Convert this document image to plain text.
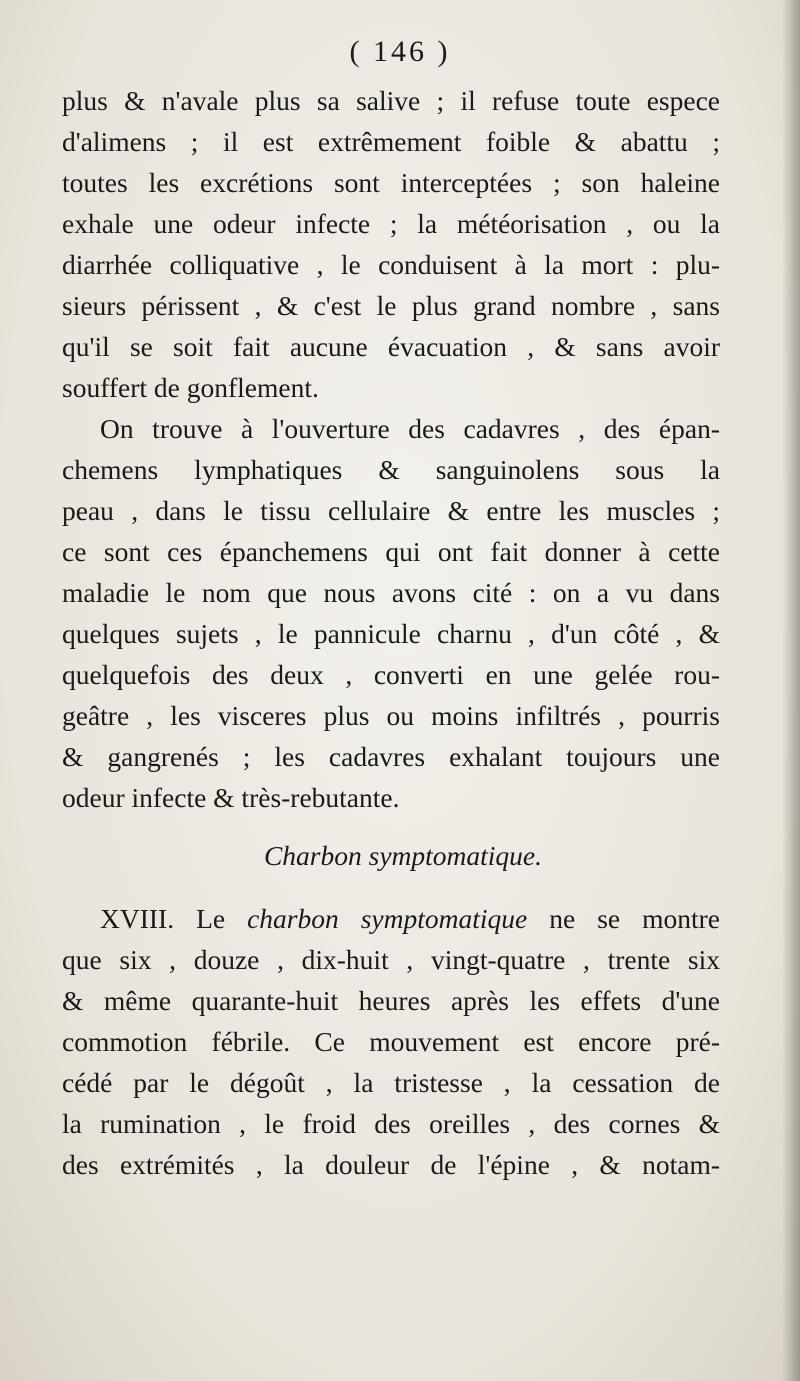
( 146 )

plus & n'avale plus sa salive ; il refuse toute espece
d'alimens ; il est extrêmement foible & abattu ;
toutes les excrétions sont interceptées ; son haleine
exhale une odeur infecte ; la météorisation , ou la
diarrhée colliquative , le conduisent à la mort : plu-
sieurs périssent , & c'est le plus grand nombre , sans
qu'il se soit fait aucune évacuation , & sans avoir
souffert de gonflement.

On trouve à l'ouverture des cadavres , des épan-
chemens lymphatiques & sanguinolens sous la
peau , dans le tissu cellulaire & entre les muscles ;
ce sont ces épanchemens qui ont fait donner à cette
maladie le nom que nous avons cité : on a vu dans
quelques sujets , le pannicule charnu , d'un côté , &
quelquefois des deux , converti en une gelée rou-
geâtre , les visceres plus ou moins infiltrés , pourris
& gangrenés ; les cadavres exhalant toujours une
odeur infecte & très-rebutante.

Charbon symptomatique.

XVIII. Le charbon symptomatique ne se montre
que six , douze , dix-huit , vingt-quatre , trente six
& même quarante-huit heures après les effets d'une
commotion fébrile. Ce mouvement est encore pré-
cédé par le dégoût , la tristesse , la cessation de
la rumination , le froid des oreilles , des cornes &
des extrémités , la douleur de l'épine , & notam-
